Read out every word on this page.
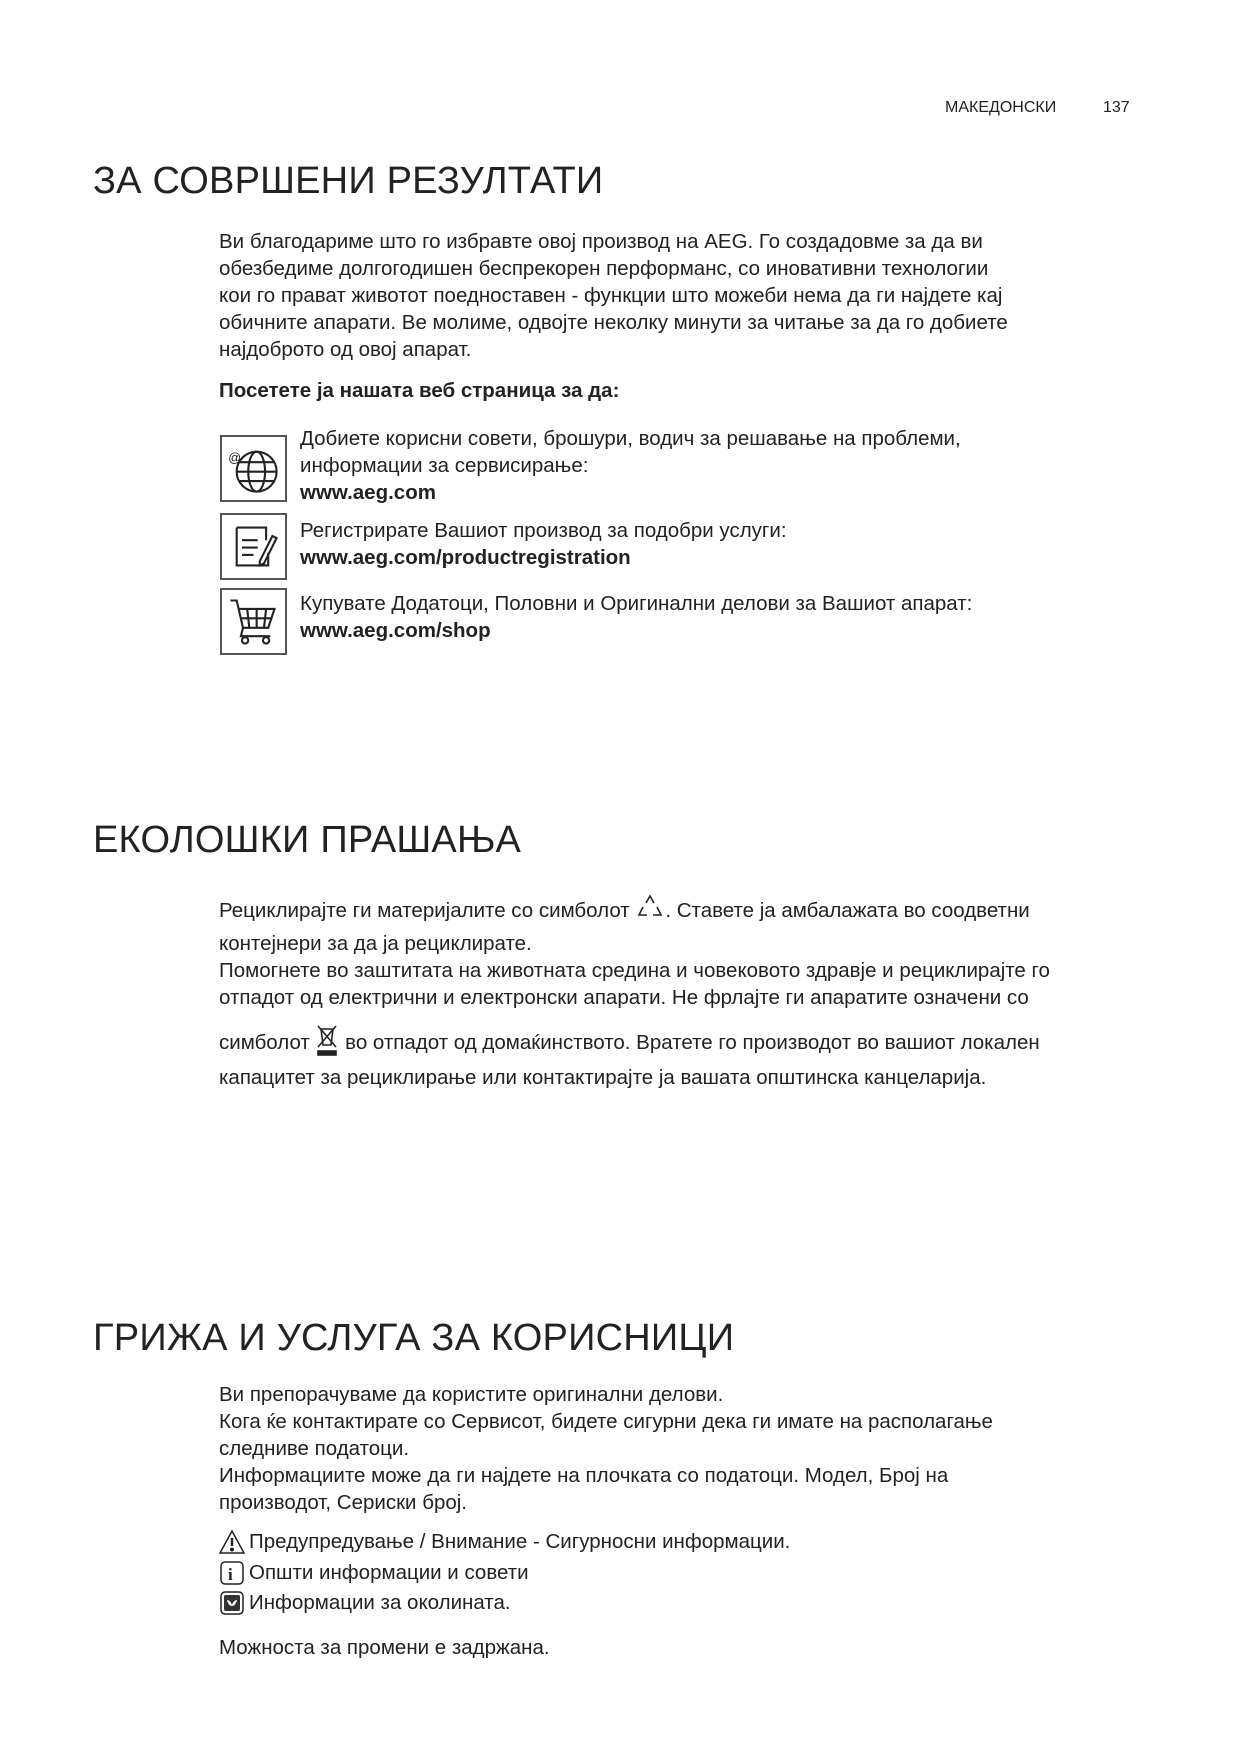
МАКЕДОНСКИ	137
ЗА СОВРШЕНИ РЕЗУЛТАТИ
Ви благодариме што го избравте овој производ на AEG. Го создадовме за да ви
обезбедиме долгогодишен беспрекорен перформанс, со иновативни технологии
кои го прават животот поедноставен - функции што можеби нема да ги најдете кај
обичните апарати. Ве молиме, одвојте неколку минути за читање за да го добиете
најдоброто од овој апарат.
Посетете ја нашата веб страница за да:
@
Добиете корисни совети, брошури, водич за решавање на проблеми,
информации за сервисирање:
www.aeg.com
Регистрирате Вашиот производ за подобри услуги:
www.aeg.com/productregistration
Купувате Додатоци, Половни и Оригинални делови за Вашиот апарат:
www.aeg.com/shop
ЕКОЛОШКИ ПРАШАЊА
Рециклирајте ги материјалите со симболот . Ставете ја амбалажата во соодветни
контејнери за да ја рециклирате.
Помогнете во заштитата на животната средина и човековото здравје и рециклирајте го
отпадот од електрични и електронски апарати. Не фрлајте ги апаратите означени со
симболот  во отпадот од домаќинството. Вратете го производот во вашиот локален
капацитет за рециклирање или контактирајте ја вашата општинска канцеларија.
ГРИЖА И УСЛУГА ЗА КОРИСНИЦИ
Ви препорачуваме да користите оригинални делови.
Кога ќе контактирате со Сервисот, бидете сигурни дека ги имате на располагање
следниве податоци.
Информациите може да ги најдете на плочката со податоци. Модел, Број на
производот, Сериски број.
Предупредување / Внимание - Сигурносни информации.
i Општи информации и совети
Информации за околината.
Можноста за промени е задржана.
